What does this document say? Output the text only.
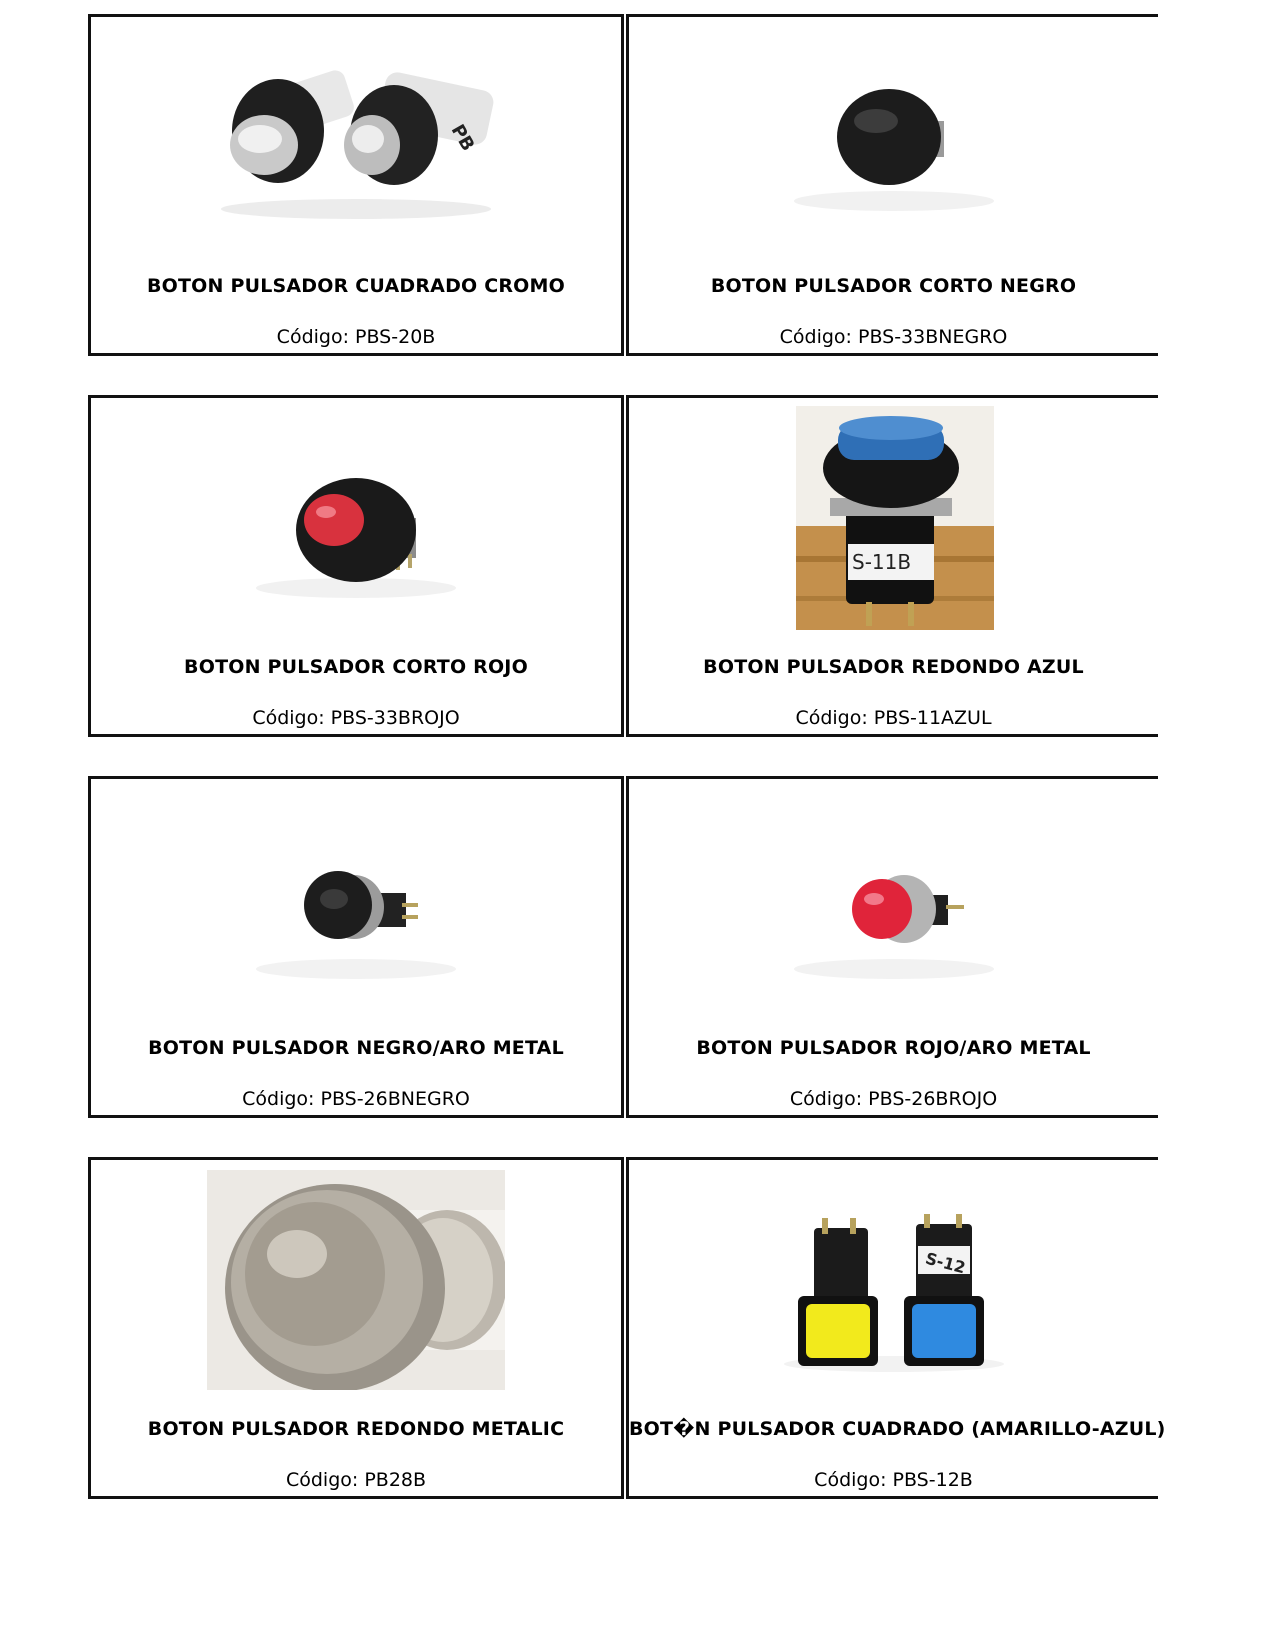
PB
BOTON PULSADOR CUADRADO CROMO
Código: PBS-20B
BOTON PULSADOR CORTO NEGRO
Código: PBS-33BNEGRO
BOTON PULSADOR CORTO ROJO
Código: PBS-33BROJO
S-11B
BOTON PULSADOR REDONDO AZUL
Código: PBS-11AZUL
BOTON PULSADOR NEGRO/ARO METAL
Código: PBS-26BNEGRO
BOTON PULSADOR ROJO/ARO METAL
Código: PBS-26BROJO
BOTON PULSADOR REDONDO METALIC
Código: PB28B
S-12
BOT�N PULSADOR CUADRADO (AMARILLO-AZUL)
Código: PBS-12B
